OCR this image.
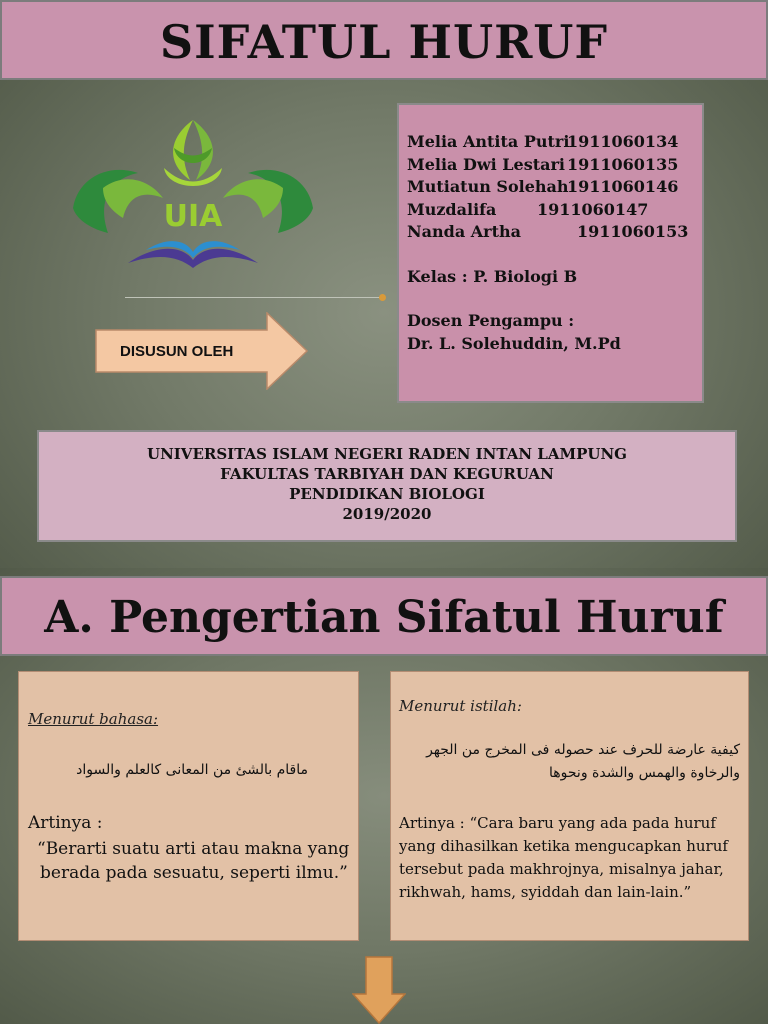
SIFATUL HURUF
UIA
DISUSUN OLEH
Melia Antita Putri
1911060134
Melia Dwi Lestari 1911060135
Mutiatun Solehah
1911060146
Muzdalifa	1911060147
Nanda Artha	1911060153
Kelas : P. Biologi B
Dosen Pengampu :
Dr. L. Solehuddin, M.Pd
UNIVERSITAS ISLAM NEGERI RADEN INTAN LAMPUNG
FAKULTAS TARBIYAH DAN KEGURUAN
PENDIDIKAN BIOLOGI
2019/2020
A. Pengertian Sifatul Huruf
Menurut bahasa:
ماقام بالشئ من المعانى كالعلم والسواد
Artinya :
“Berarti suatu arti atau makna yang
berada pada sesuatu, seperti ilmu.”
Menurut istilah:
كيفية عارضة للحرف عند حصوله فى المخرج من الجهر
والرخاوة والهمس والشدة ونحوها
Artinya : “Cara baru yang ada pada huruf
yang dihasilkan ketika mengucapkan huruf
tersebut pada makhrojnya, misalnya jahar,
rikhwah, hams, syiddah dan lain-lain.”
